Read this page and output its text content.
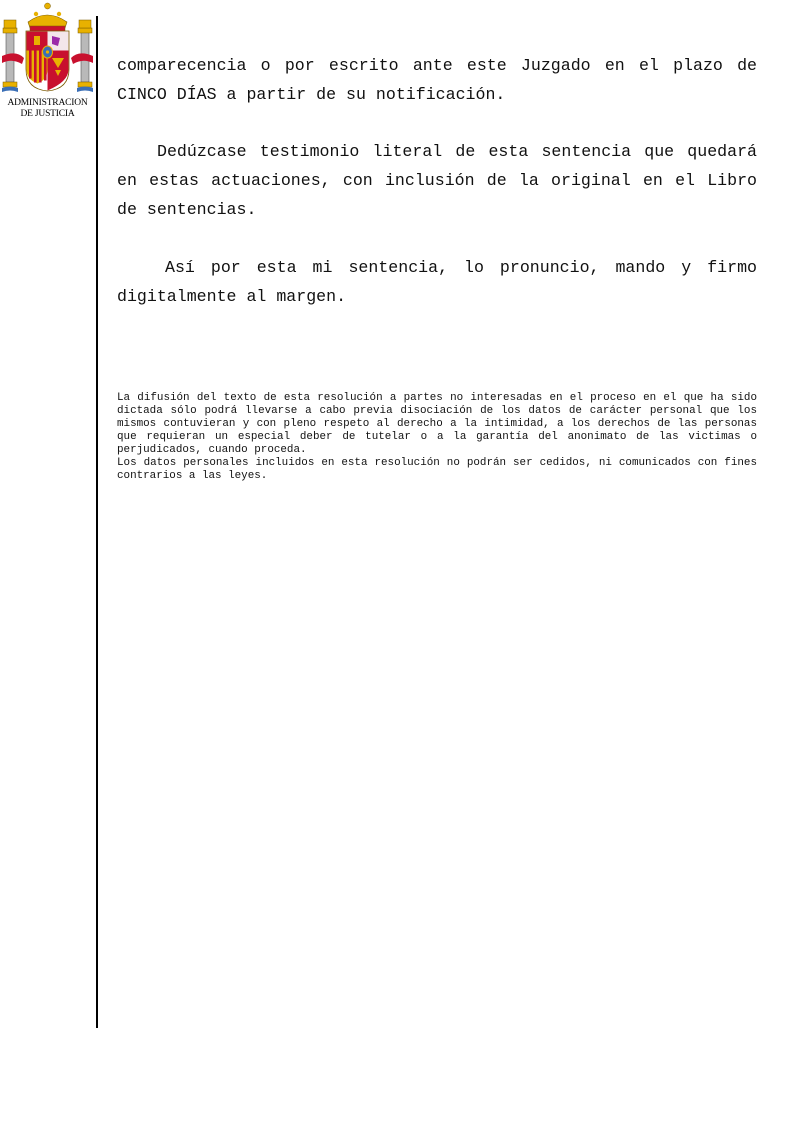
ADMINISTRACION
DE JUSTICIA

comparecencia o por escrito ante este Juzgado en el plazo de CINCO DÍAS a partir de su notificación.

Dedúzcase testimonio literal de esta sentencia que quedará en estas actuaciones, con inclusión de la original en el Libro de sentencias.

Así por esta mi sentencia, lo pronuncio, mando y firmo digitalmente al margen.

La difusión del texto de esta resolución a partes no interesadas en el proceso en el que ha sido dictada sólo podrá llevarse a cabo previa disociación de los datos de carácter personal que los mismos contuvieran y con pleno respeto al derecho a la intimidad, a los derechos de las personas que requieran un especial deber de tutelar o a la garantía del anonimato de las victimas o perjudicados, cuando proceda.

Los datos personales incluidos en esta resolución no podrán ser cedidos, ni comunicados con fines contrarios a las leyes.
